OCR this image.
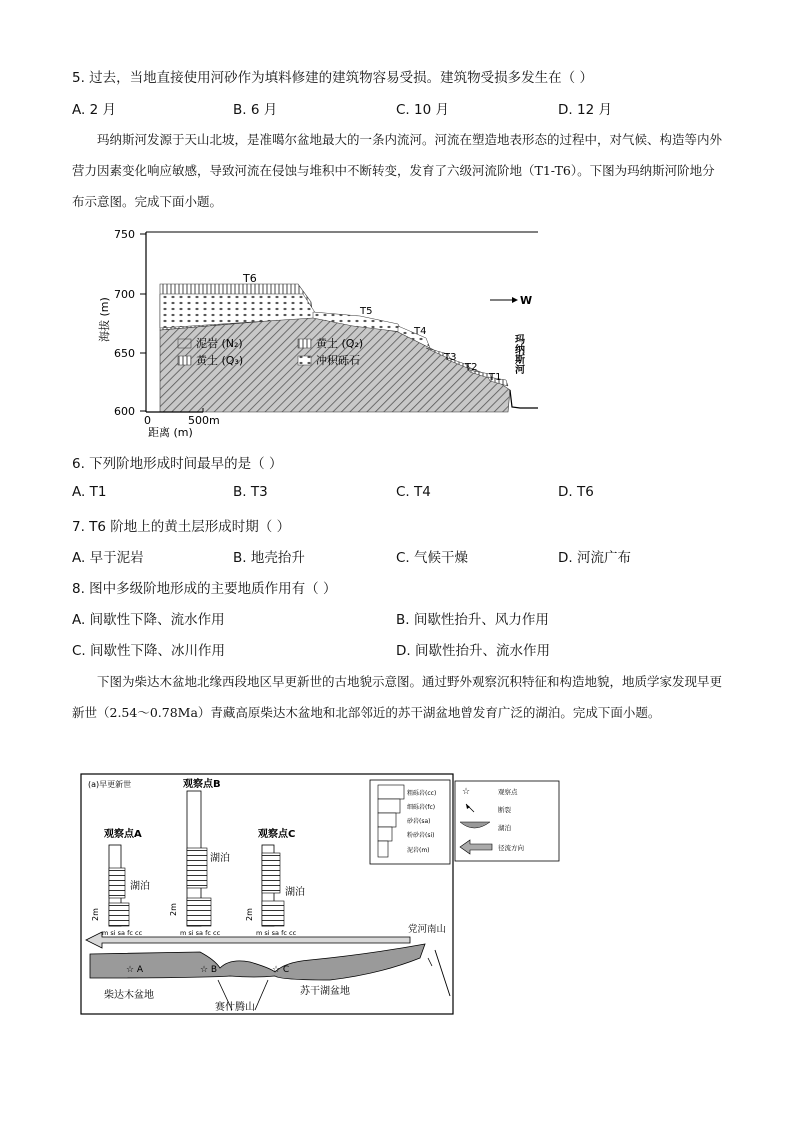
5. 过去，当地直接使用河砂作为填料修建的建筑物容易受损。建筑物受损多发生在（ ）
A. 2 月	B. 6 月	C. 10 月	D. 12 月
玛纳斯河发源于天山北坡，是准噶尔盆地最大的一条内流河。河流在塑造地表形态的过程中，对气候、构造等内外营力因素变化响应敏感，导致河流在侵蚀与堆积中不断转变，发育了六级河流阶地（T1-T6）。下图为玛纳斯河阶地分布示意图。完成下面小题。
750
700
650
600
海拔 (m)
T6
T5
T4
T3
T2
T1
W
玛纳斯河
泥岩 (N₂)	黄土 (Q₂)
黄土 (Q₃)	冲积砾石
0	500m
距离 (m)
6. 下列阶地形成时间最早的是（ ）
A. T1	B. T3	C. T4	D. T6
7. T6 阶地上的黄土层形成时期（ ）
A. 早于泥岩	B. 地壳抬升	C. 气候干燥	D. 河流广布
8. 图中多级阶地形成的主要地质作用有（ ）
A. 间歇性下降、流水作用	B. 间歇性抬升、风力作用
C. 间歇性下降、冰川作用	D. 间歇性抬升、流水作用
下图为柴达木盆地北缘西段地区早更新世的古地貌示意图。通过野外观察沉积特征和构造地貌，地质学家发现早更新世（2.54～0.78Ma）青藏高原柴达木盆地和北部邻近的苏干湖盆地曾发育广泛的湖泊。完成下面小题。
(a)早更新世	观察点B
湖泊
m si sa fc cc
2m
观察点A
湖泊
m si sa fc cc
2m
观察点C
湖泊
m si sa fc cc
2m
粗砾岩(cc)
细砾岩(fc)
砂岩(sa)
粉砂岩(si)
泥岩(m)
☆	观察点
断裂
湖泊
径流方向
党河南山
☆ A	☆ B	☆ C
柴达木盆地
赛什腾山
苏干湖盆地
